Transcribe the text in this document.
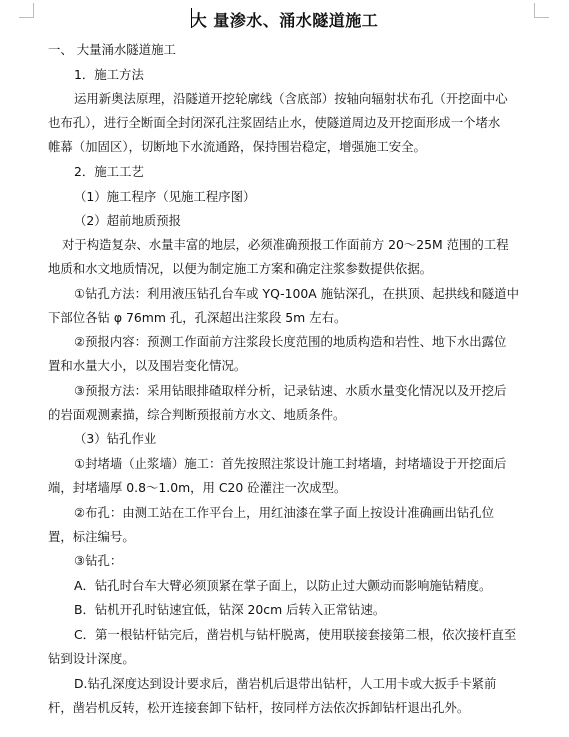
大 量渗水、涌水隧道施工
一、 大量涌水隧道施工
1．施工方法
运用新奥法原理，沿隧道开挖轮廓线（含底部）按轴向辐射状布孔（开挖面中心
也布孔），进行全断面全封闭深孔注浆固结止水，使隧道周边及开挖面形成一个堵水
帷幕（加固区），切断地下水流通路，保持围岩稳定，增强施工安全。
2．施工工艺
（1）施工程序（见施工程序图）
（2）超前地质预报
对于构造复杂、水量丰富的地层，必须准确预报工作面前方 20～25M 范围的工程
地质和水文地质情况，以便为制定施工方案和确定注浆参数提供依据。
①钻孔方法：利用液压钻孔台车或 YQ-100A 施钻深孔，在拱顶、起拱线和隧道中
下部位各钻 φ 76mm 孔，孔深超出注浆段 5m 左右。
②预报内容：预测工作面前方注浆段长度范围的地质构造和岩性、地下水出露位
置和水量大小，以及围岩变化情况。
③预报方法：采用钻眼排碴取样分析，记录钻速、水质水量变化情况以及开挖后
的岩面观测素描，综合判断预报前方水文、地质条件。
（3）钻孔作业
①封堵墙（止浆墙）施工：首先按照注浆设计施工封堵墙，封堵墙设于开挖面后
端，封堵墙厚 0.8～1.0m，用 C20 砼灌注一次成型。
②布孔：由测工站在工作平台上，用红油漆在掌子面上按设计准确画出钻孔位
置，标注编号。
③钻孔：
A．钻孔时台车大臂必须顶紧在掌子面上，以防止过大颤动而影响施钻精度。
B．钻机开孔时钻速宜低，钻深 20cm 后转入正常钻速。
C．第一根钻杆钻完后，凿岩机与钻杆脱离，使用联接套接第二根，依次接杆直至
钻到设计深度。
D.钻孔深度达到设计要求后，凿岩机后退带出钻杆，人工用卡或大扳手卡紧前
杆，凿岩机反转，松开连接套卸下钻杆，按同样方法依次拆卸钻杆退出孔外。
